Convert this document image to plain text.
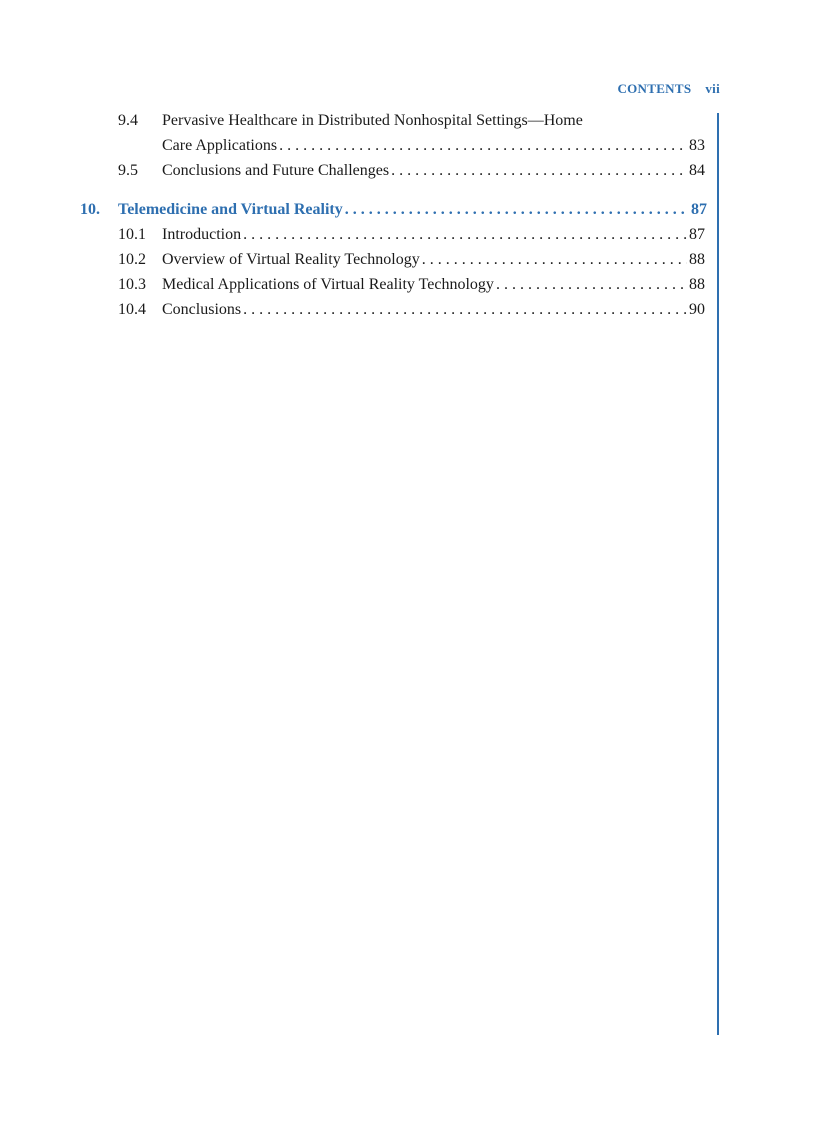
CONTENTS vii
9.4 Pervasive Healthcare in Distributed Nonhospital Settings—Home
Care Applications . . .	83
9.5 Conclusions and Future Challenges . . .	84
10. Telemedicine and Virtual Reality . . .	87
10.1 Introduction . . .	87
10.2 Overview of Virtual Reality Technology . . .	88
10.3 Medical Applications of Virtual Reality Technology . . .	88
10.4 Conclusions . . .	90
